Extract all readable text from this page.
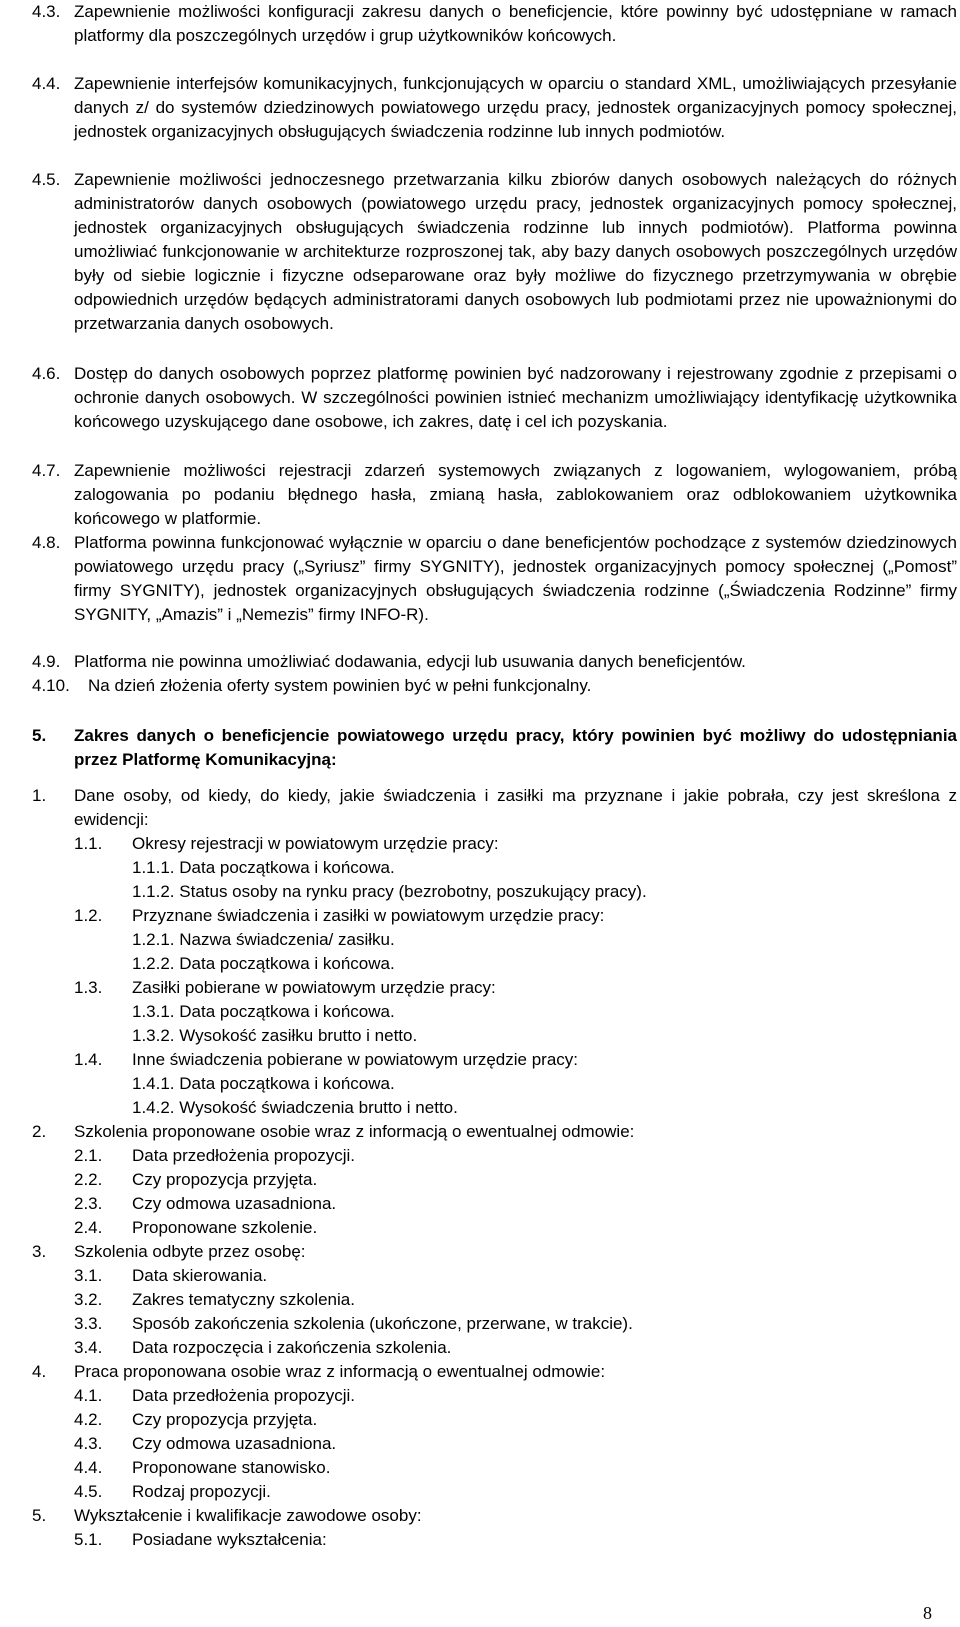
4.3. Zapewnienie możliwości konfiguracji zakresu danych o beneficjencie, które powinny być udostępniane w ramach platformy dla poszczególnych urzędów i grup użytkowników końcowych.
4.4. Zapewnienie interfejsów komunikacyjnych, funkcjonujących w oparciu o standard XML, umożliwiających przesyłanie danych z/ do systemów dziedzinowych powiatowego urzędu pracy, jednostek organizacyjnych pomocy społecznej, jednostek organizacyjnych obsługujących świadczenia rodzinne lub innych podmiotów.
4.5. Zapewnienie możliwości jednoczesnego przetwarzania kilku zbiorów danych osobowych należących do różnych administratorów danych osobowych (powiatowego urzędu pracy, jednostek organizacyjnych pomocy społecznej, jednostek organizacyjnych obsługujących świadczenia rodzinne lub innych podmiotów). Platforma powinna umożliwiać funkcjonowanie w architekturze rozproszonej tak, aby bazy danych osobowych poszczególnych urzędów były od siebie logicznie i fizyczne odseparowane oraz były możliwe do fizycznego przetrzymywania w obrębie odpowiednich urzędów będących administratorami danych osobowych lub podmiotami przez nie upoważnionymi do przetwarzania danych osobowych.
4.6. Dostęp do danych osobowych poprzez platformę powinien być nadzorowany i rejestrowany zgodnie z przepisami o ochronie danych osobowych. W szczególności powinien istnieć mechanizm umożliwiający identyfikację użytkownika końcowego uzyskującego dane osobowe, ich zakres, datę i cel ich pozyskania.
4.7. Zapewnienie możliwości rejestracji zdarzeń systemowych związanych z logowaniem, wylogowaniem, próbą zalogowania po podaniu błędnego hasła, zmianą hasła, zablokowaniem oraz odblokowaniem użytkownika końcowego w platformie.
4.8. Platforma powinna funkcjonować wyłącznie w oparciu o dane beneficjentów pochodzące z systemów dziedzinowych powiatowego urzędu pracy („Syriusz” firmy SYGNITY), jednostek organizacyjnych pomocy społecznej („Pomost” firmy SYGNITY), jednostek organizacyjnych obsługujących świadczenia rodzinne („Świadczenia Rodzinne” firmy SYGNITY, „Amazis” i „Nemezis” firmy INFO-R).
4.9. Platforma nie powinna umożliwiać dodawania, edycji lub usuwania danych beneficjentów.
4.10. Na dzień złożenia oferty system powinien być w pełni funkcjonalny.
5. Zakres danych o beneficjencie powiatowego urzędu pracy, który powinien być możliwy do udostępniania przez Platformę Komunikacyjną:
1. Dane osoby, od kiedy, do kiedy, jakie świadczenia i zasiłki ma przyznane i jakie pobrała, czy jest skreślona z ewidencji:
1.1. Okresy rejestracji w powiatowym urzędzie pracy:
1.1.1. Data początkowa i końcowa.
1.1.2. Status osoby na rynku pracy (bezrobotny, poszukujący pracy).
1.2. Przyznane świadczenia i zasiłki w powiatowym urzędzie pracy:
1.2.1. Nazwa świadczenia/ zasiłku.
1.2.2. Data początkowa i końcowa.
1.3. Zasiłki pobierane w powiatowym urzędzie pracy:
1.3.1. Data początkowa i końcowa.
1.3.2. Wysokość zasiłku brutto i netto.
1.4. Inne świadczenia pobierane w powiatowym urzędzie pracy:
1.4.1. Data początkowa i końcowa.
1.4.2. Wysokość świadczenia brutto i netto.
2. Szkolenia proponowane osobie wraz z informacją o ewentualnej odmowie:
2.1. Data przedłożenia propozycji.
2.2. Czy propozycja przyjęta.
2.3. Czy odmowa uzasadniona.
2.4. Proponowane szkolenie.
3. Szkolenia odbyte przez osobę:
3.1. Data skierowania.
3.2. Zakres tematyczny szkolenia.
3.3. Sposób zakończenia szkolenia (ukończone, przerwane, w trakcie).
3.4. Data rozpoczęcia i zakończenia szkolenia.
4. Praca proponowana osobie wraz z informacją o ewentualnej odmowie:
4.1. Data przedłożenia propozycji.
4.2. Czy propozycja przyjęta.
4.3. Czy odmowa uzasadniona.
4.4. Proponowane stanowisko.
4.5. Rodzaj propozycji.
5. Wykształcenie i kwalifikacje zawodowe osoby:
5.1. Posiadane wykształcenia:
8
